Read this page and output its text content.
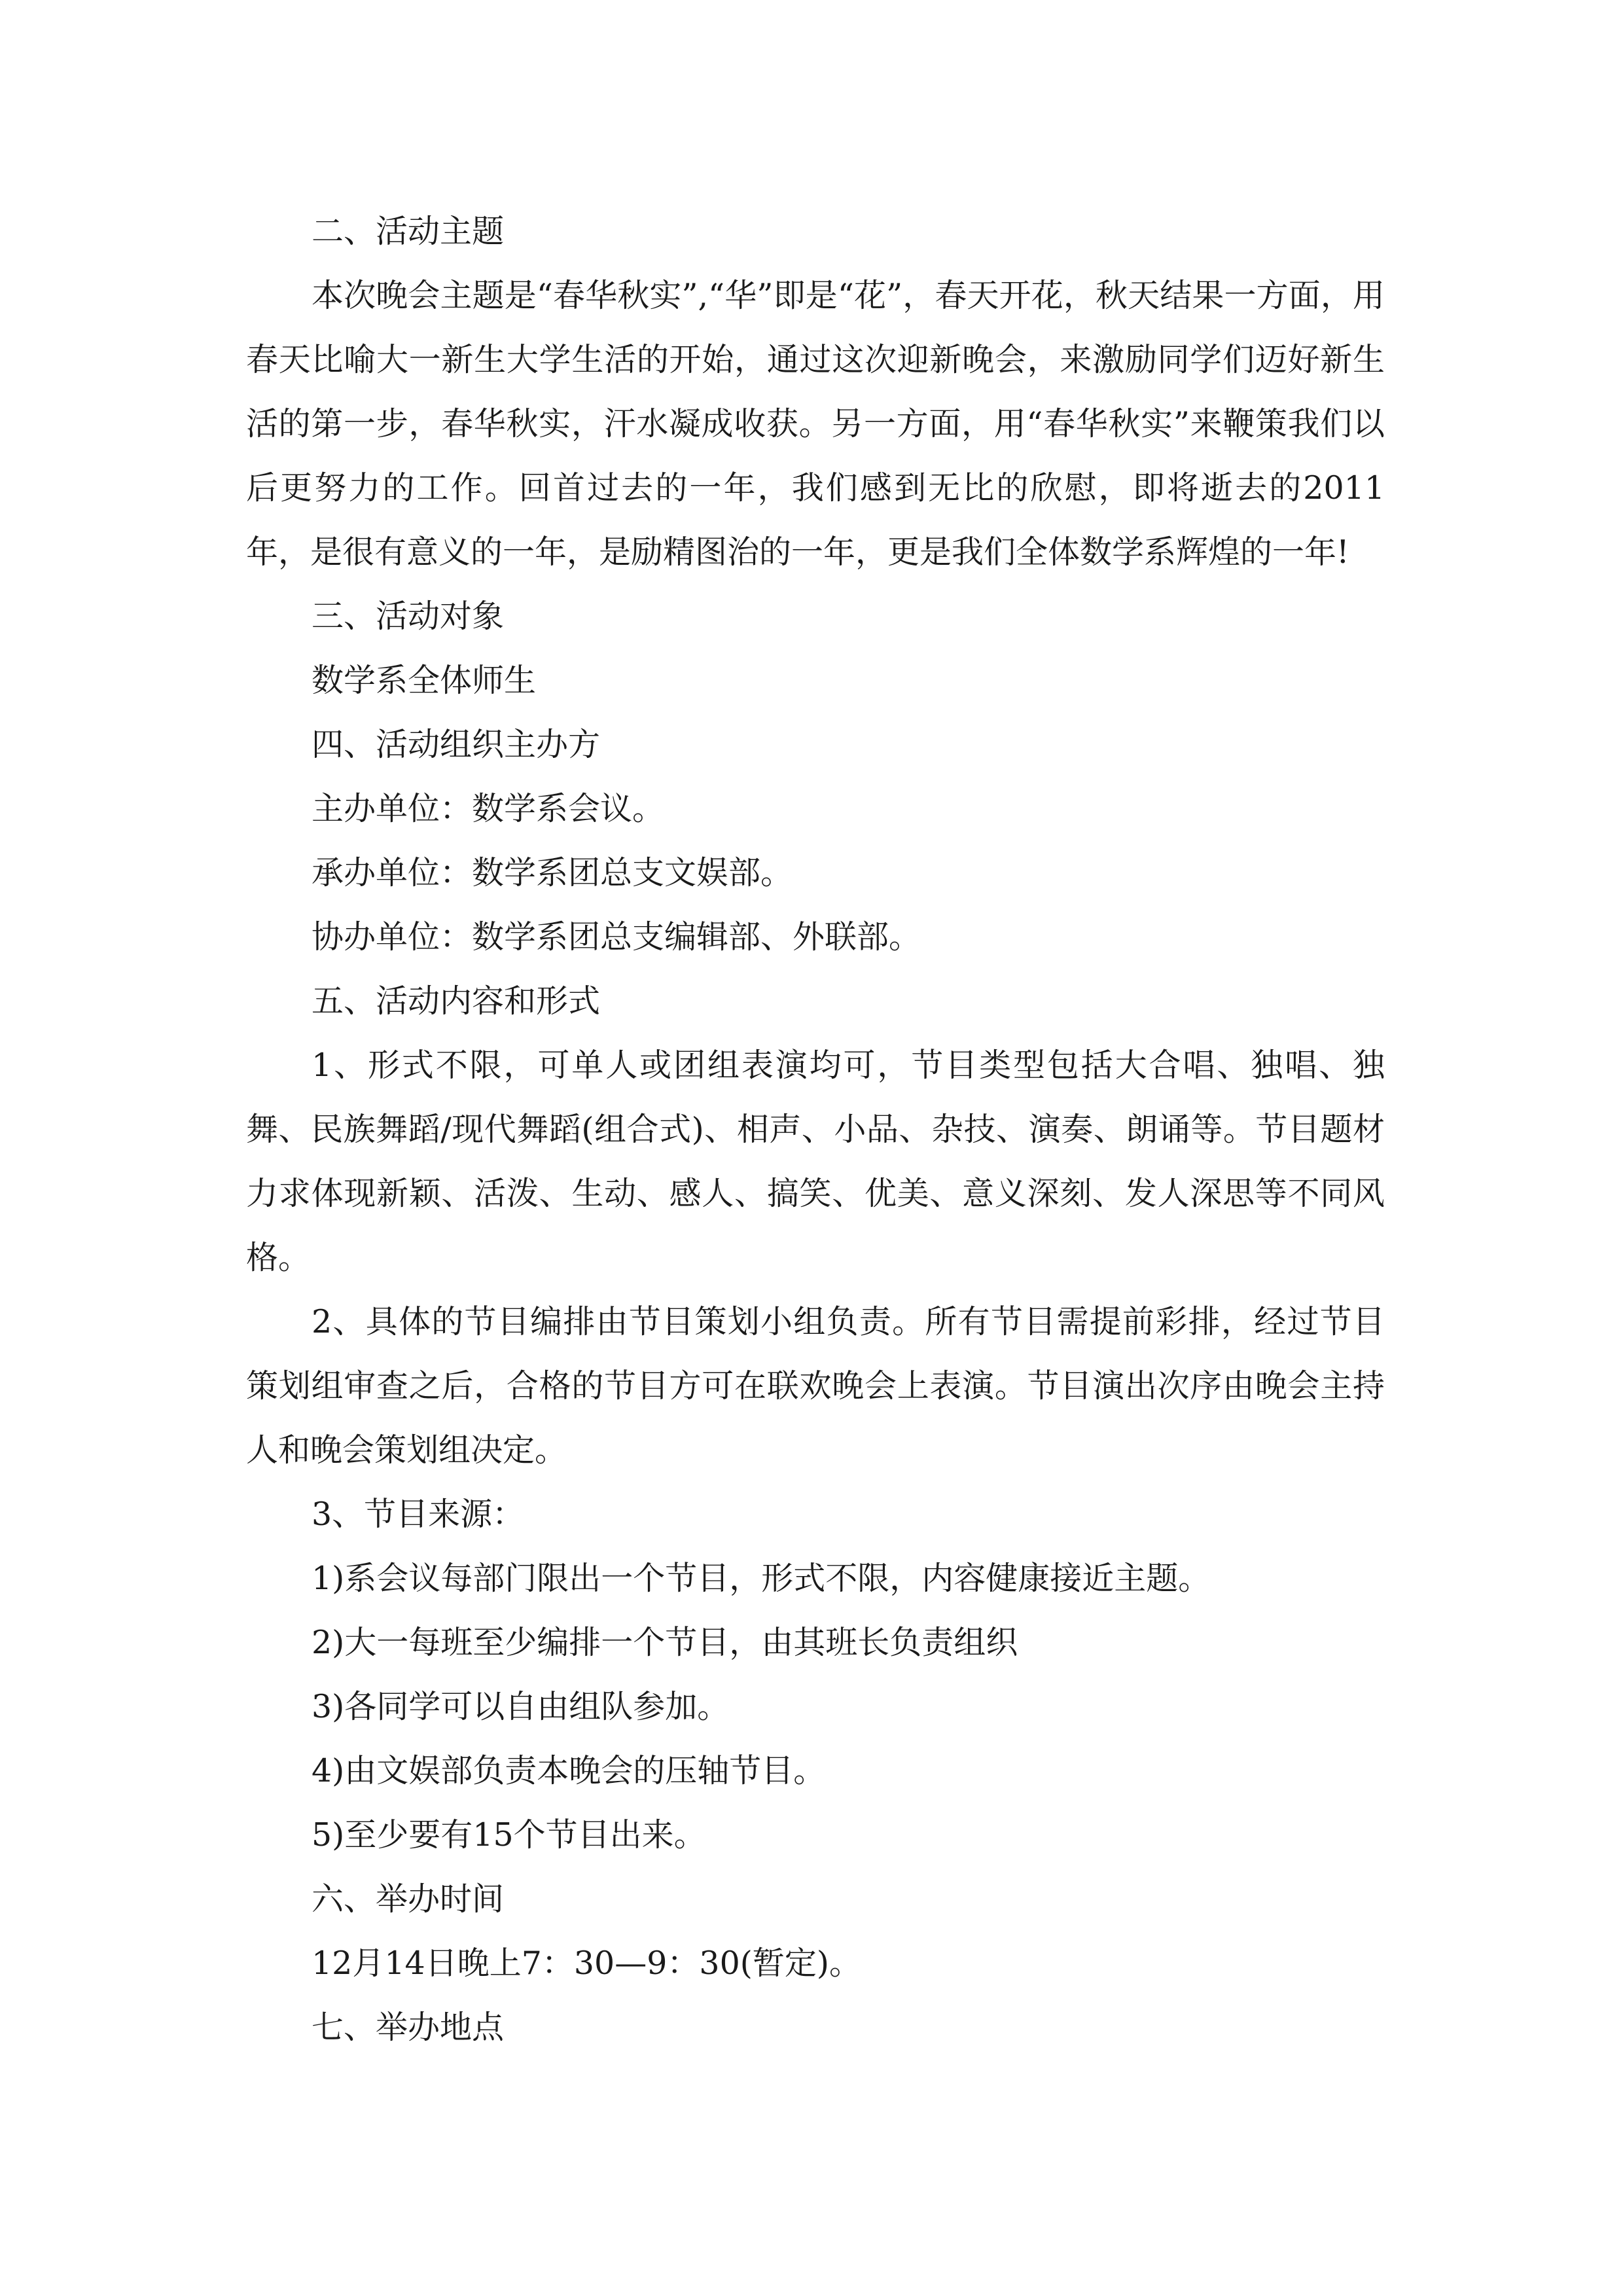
二、活动主题

本次晚会主题是“春华秋实”,“华”即是“花”，春天开花，秋天结果一方面，用春天比喻大一新生大学生活的开始，通过这次迎新晚会，来激励同学们迈好新生活的第一步，春华秋实，汗水凝成收获。另一方面，用“春华秋实”来鞭策我们以后更努力的工作。回首过去的一年，我们感到无比的欣慰，即将逝去的2011年，是很有意义的一年，是励精图治的一年，更是我们全体数学系辉煌的一年!

三、活动对象

数学系全体师生

四、活动组织主办方

主办单位：数学系会议。

承办单位：数学系团总支文娱部。

协办单位：数学系团总支编辑部、外联部。

五、活动内容和形式

1、形式不限，可单人或团组表演均可，节目类型包括大合唱、独唱、独舞、民族舞蹈/现代舞蹈(组合式)、相声、小品、杂技、演奏、朗诵等。节目题材力求体现新颖、活泼、生动、感人、搞笑、优美、意义深刻、发人深思等不同风格。

2、具体的节目编排由节目策划小组负责。所有节目需提前彩排，经过节目策划组审查之后，合格的节目方可在联欢晚会上表演。节目演出次序由晚会主持人和晚会策划组决定。

3、节目来源：

1)系会议每部门限出一个节目，形式不限，内容健康接近主题。

2)大一每班至少编排一个节目，由其班长负责组织

3)各同学可以自由组队参加。

4)由文娱部负责本晚会的压轴节目。

5)至少要有15个节目出来。

六、举办时间

12月14日晚上7：30—9：30(暂定)。

七、举办地点
